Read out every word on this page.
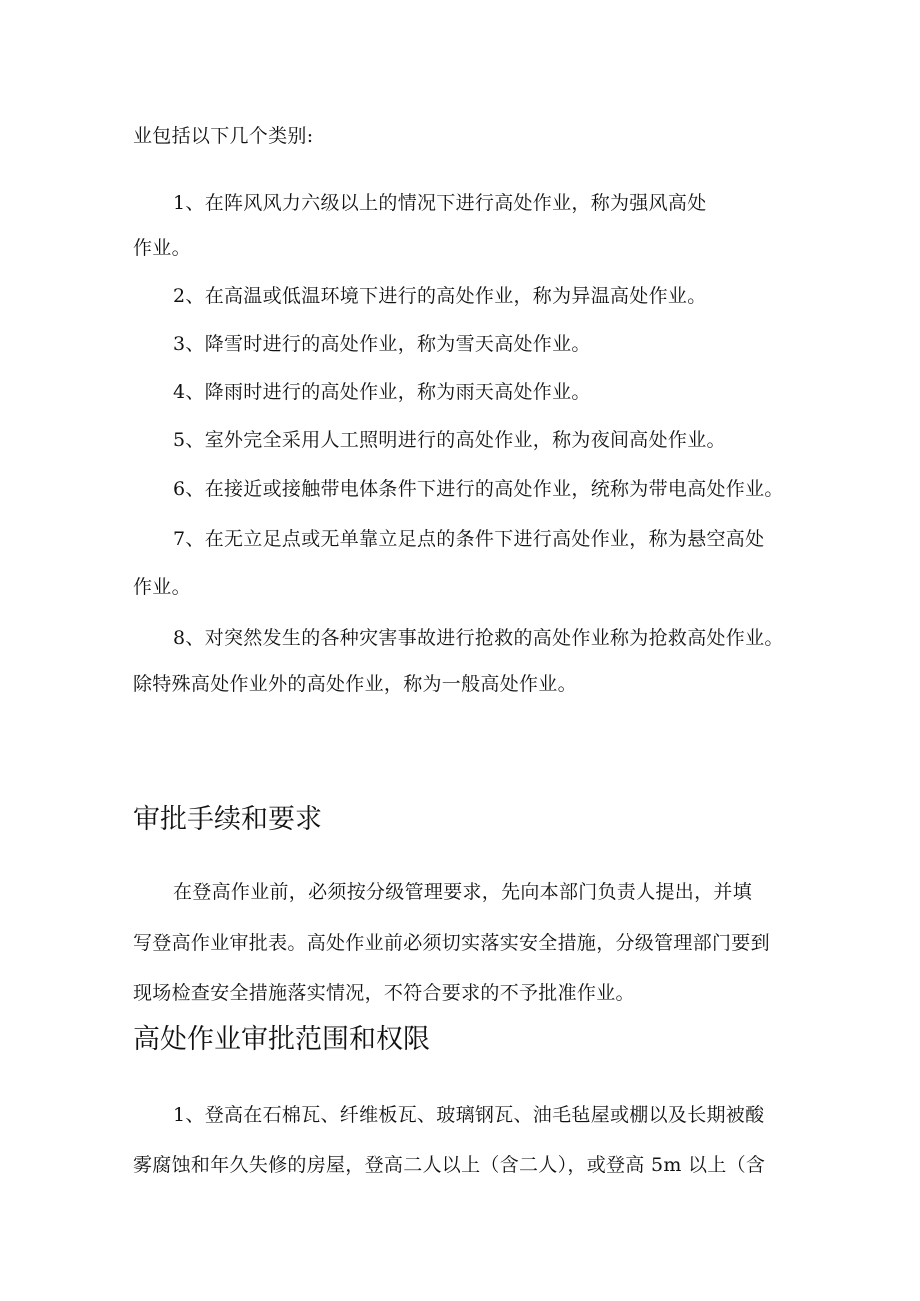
业包括以下几个类别:
1、在阵风风力六级以上的情况下进行高处作业，称为强风高处
作业。
2、在高温或低温环境下进行的高处作业，称为异温高处作业。
3、降雪时进行的高处作业，称为雪天高处作业。
4、降雨时进行的高处作业，称为雨天高处作业。
5、室外完全采用人工照明进行的高处作业，称为夜间高处作业。
6、在接近或接触带电体条件下进行的高处作业，统称为带电高处作业。
7、在无立足点或无单靠立足点的条件下进行高处作业，称为悬空高处
作业。
8、对突然发生的各种灾害事故进行抢救的高处作业称为抢救高处作业。
除特殊高处作业外的高处作业，称为一般高处作业。
审批手续和要求
在登高作业前，必须按分级管理要求，先向本部门负责人提出，并填
写登高作业审批表。高处作业前必须切实落实安全措施，分级管理部门要到
现场检查安全措施落实情况，不符合要求的不予批准作业。
高处作业审批范围和权限
1、登高在石棉瓦、纤维板瓦、玻璃钢瓦、油毛毡屋或棚以及长期被酸
雾腐蚀和年久失修的房屋，登高二人以上（含二人），或登高 5m 以上（含
